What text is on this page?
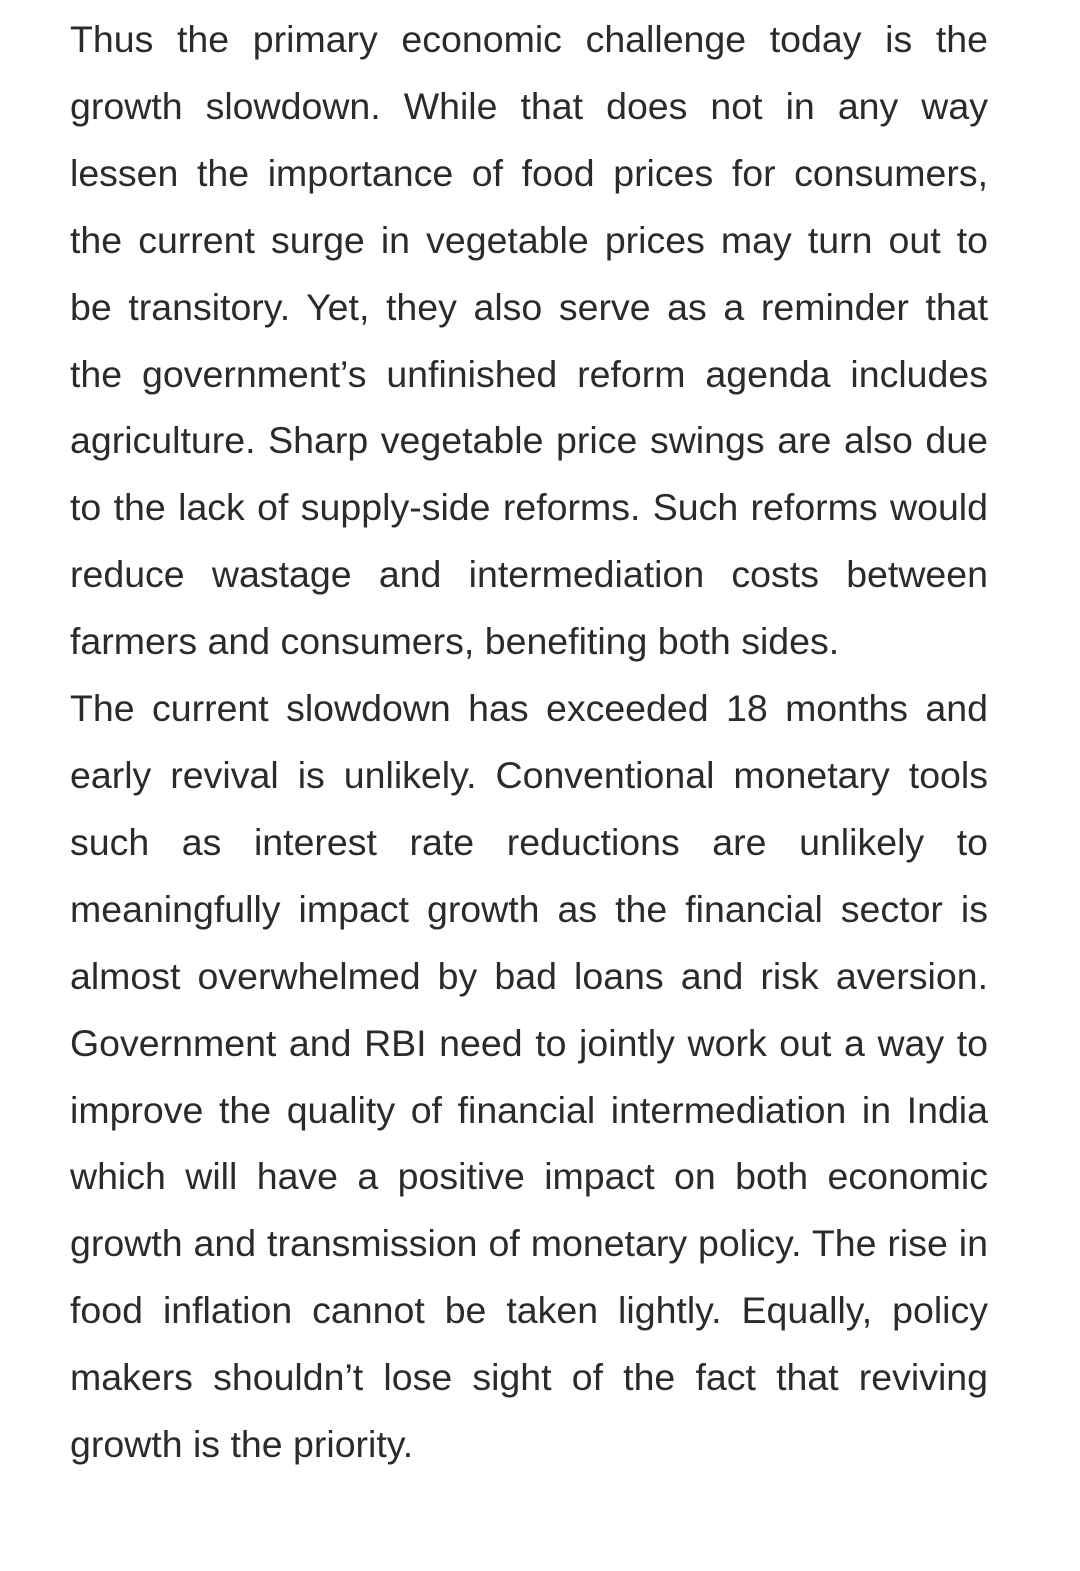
Thus the primary economic challenge today is the growth slowdown. While that does not in any way lessen the importance of food prices for consumers, the current surge in vegetable prices may turn out to be transitory. Yet, they also serve as a reminder that the government’s unfinished reform agenda includes agriculture. Sharp vegetable price swings are also due to the lack of supply-side reforms. Such reforms would reduce wastage and intermediation costs between farmers and consumers, benefiting both sides.

The current slowdown has exceeded 18 months and early revival is unlikely. Conventional monetary tools such as interest rate reductions are unlikely to meaningfully impact growth as the financial sector is almost overwhelmed by bad loans and risk aversion. Government and RBI need to jointly work out a way to improve the quality of financial intermediation in India which will have a positive impact on both economic growth and transmission of monetary policy. The rise in food inflation cannot be taken lightly. Equally, policy makers shouldn’t lose sight of the fact that reviving growth is the priority.
